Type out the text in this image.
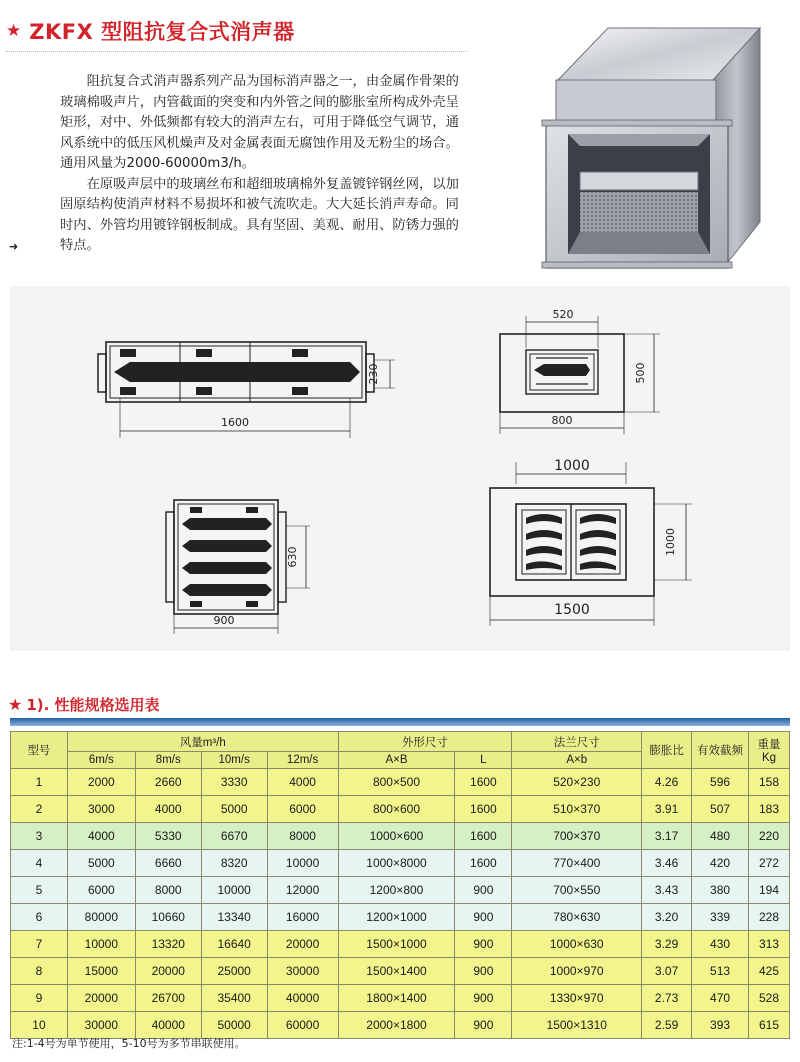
★ ZKFX 型阻抗复合式消声器

阻抗复合式消声器系列产品为国标消声器之一，由金属作骨架的玻璃棉吸声片，内管截面的突变和内外管之间的膨胀室所构成外壳呈矩形，对中、外低频都有较大的消声左右，可用于降低空气调节，通风系统中的低压风机燥声及对金属表面无腐蚀作用及无粉尘的场合。通用风量为2000-60000m3/h。

在原吸声层中的玻璃丝布和超细玻璃棉外复盖镀锌钢丝网，以加固原结构使消声材料不易损坏和被气流吹走。大大延长消声寿命。同时内、外管均用镀锌钢板制成。具有坚固、美观、耐用、防锈力强的特点。

➜
1600
230
520
500
800
630
900
1000
1000
1500
★ 1). 性能规格选用表
型号	风量m³/h				外形尺寸		法兰尺寸	膨胀比	有效截频	重量Kg
	6m/s	8m/s	10m/s	12m/s	A×B	L	A×b			
1	2000	2660	3330	4000	800×500	1600	520×230	4.26	596	158
2	3000	4000	5000	6000	800×600	1600	510×370	3.91	507	183
3	4000	5330	6670	8000	1000×600	1600	700×370	3.17	480	220
4	5000	6660	8320	10000	1000×8000	1600	770×400	3.46	420	272
5	6000	8000	10000	12000	1200×800	900	700×550	3.43	380	194
6	80000	10660	13340	16000	1200×1000	900	780×630	3.20	339	228
7	10000	13320	16640	20000	1500×1000	900	1000×630	3.29	430	313
8	15000	20000	25000	30000	1500×1400	900	1000×970	3.07	513	425
9	20000	26700	35400	40000	1800×1400	900	1330×970	2.73	470	528
10	30000	40000	50000	60000	2000×1800	900	1500×1310	2.59	393	615
注:1-4号为单节使用，5-10号为多节串联使用。
